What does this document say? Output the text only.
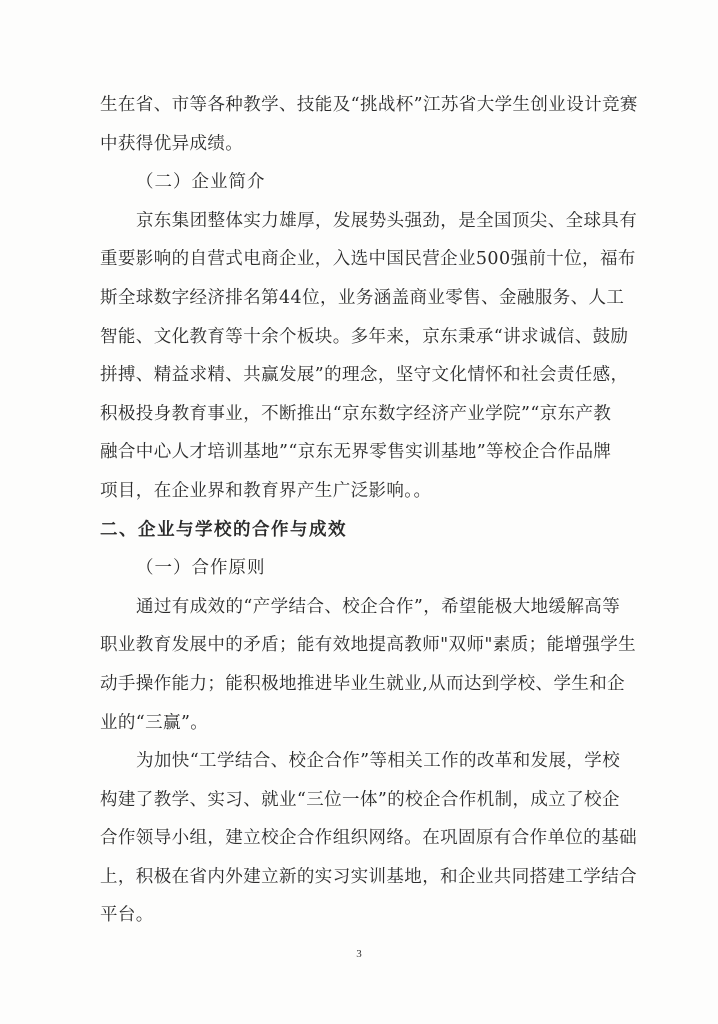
生在省、市等各种教学、技能及“挑战杯”江苏省大学生创业设计竞赛
中获得优异成绩。
（二）企业简介
京东集团整体实力雄厚，发展势头强劲，是全国顶尖、全球具有
重要影响的自营式电商企业，入选中国民营企业500强前十位，福布
斯全球数字经济排名第44位，业务涵盖商业零售、金融服务、人工
智能、文化教育等十余个板块。多年来，京东秉承“讲求诚信、鼓励
拼搏、精益求精、共赢发展”的理念，坚守文化情怀和社会责任感，
积极投身教育事业，不断推出“京东数字经济产业学院”“京东产教
融合中心人才培训基地”“京东无界零售实训基地”等校企合作品牌
项目，在企业界和教育界产生广泛影响。。
二、企业与学校的合作与成效
（一）合作原则
通过有成效的“产学结合、校企合作”，希望能极大地缓解高等
职业教育发展中的矛盾；能有效地提高教师"双师"素质；能增强学生
动手操作能力；能积极地推进毕业生就业,从而达到学校、学生和企
业的“三赢”。
为加快“工学结合、校企合作”等相关工作的改革和发展，学校
构建了教学、实习、就业“三位一体”的校企合作机制，成立了校企
合作领导小组，建立校企合作组织网络。在巩固原有合作单位的基础
上，积极在省内外建立新的实习实训基地，和企业共同搭建工学结合
平台。
3
